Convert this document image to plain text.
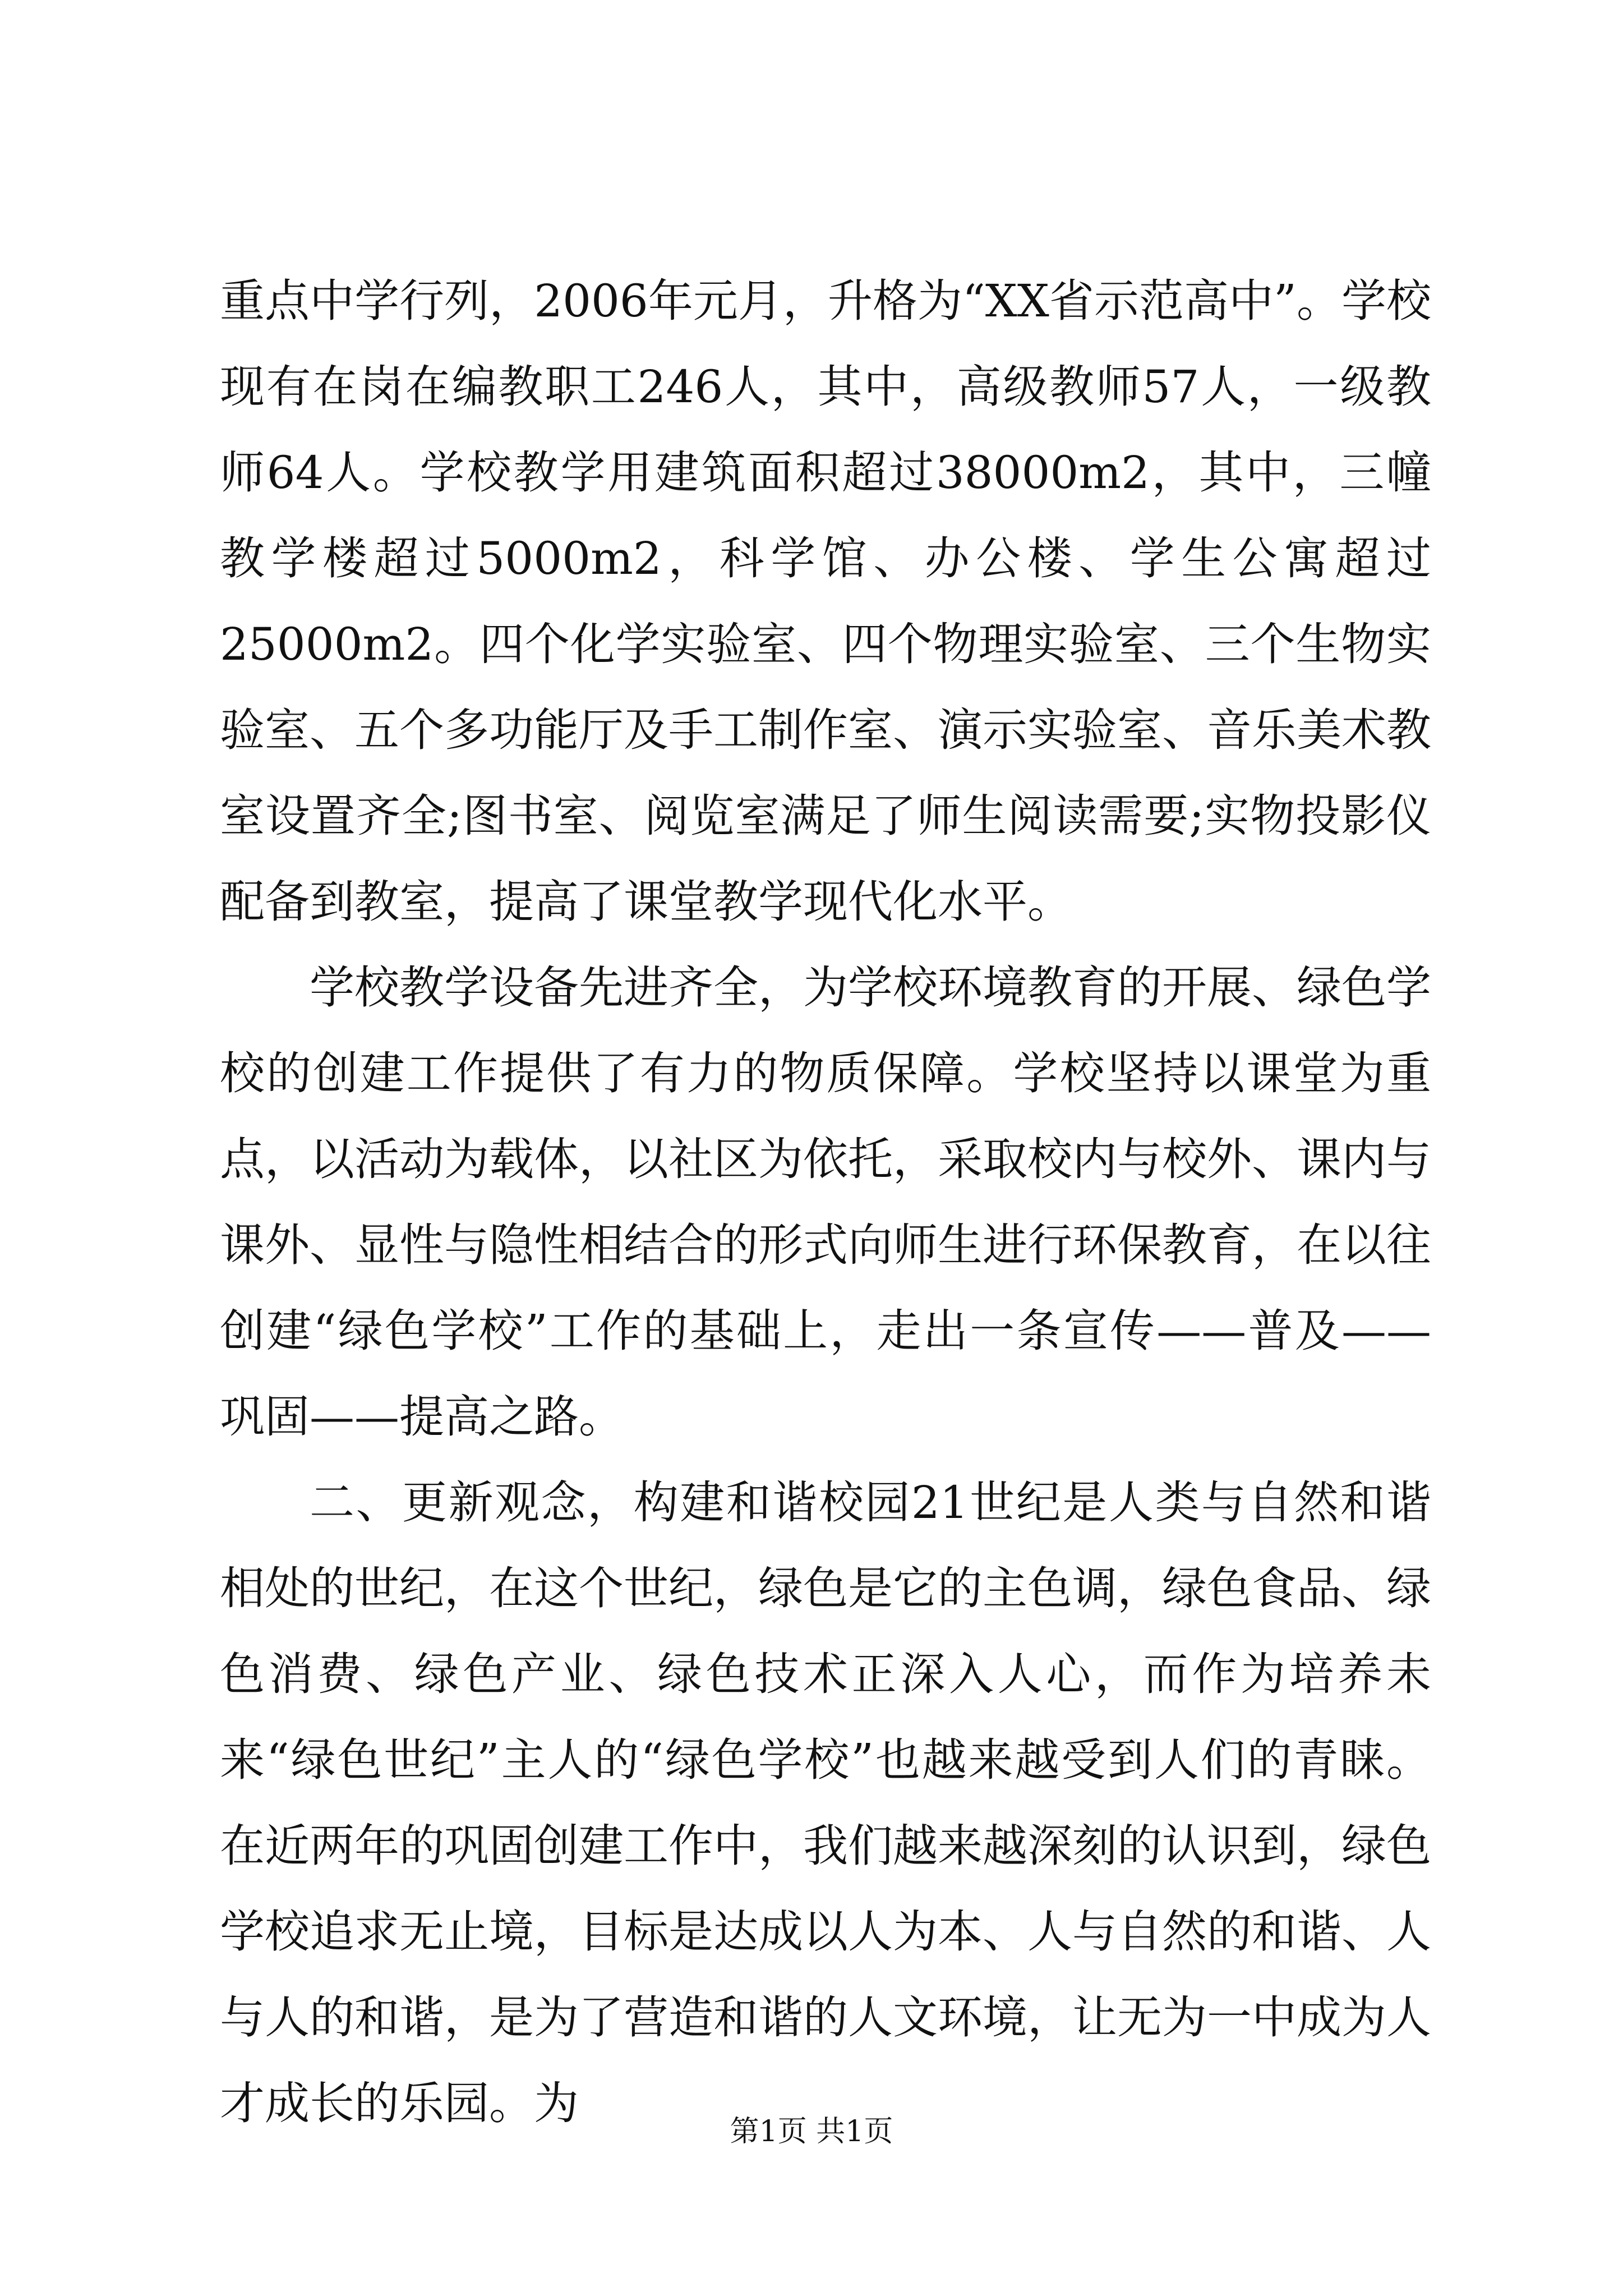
重点中学行列，2006年元月，升格为“XX省示范高中”。学校现有在岗在编教职工246人，其中，高级教师57人，一级教师64人。学校教学用建筑面积超过38000m2，其中，三幢教学楼超过5000m2，科学馆、办公楼、学生公寓超过25000m2。四个化学实验室、四个物理实验室、三个生物实验室、五个多功能厅及手工制作室、演示实验室、音乐美术教室设置齐全;图书室、阅览室满足了师生阅读需要;实物投影仪配备到教室，提高了课堂教学现代化水平。

学校教学设备先进齐全，为学校环境教育的开展、绿色学校的创建工作提供了有力的物质保障。学校坚持以课堂为重点，以活动为载体，以社区为依托，采取校内与校外、课内与课外、显性与隐性相结合的形式向师生进行环保教育，在以往创建“绿色学校”工作的基础上，走出一条宣传——普及——巩固——提高之路。

二、更新观念，构建和谐校园21世纪是人类与自然和谐相处的世纪，在这个世纪，绿色是它的主色调，绿色食品、绿色消费、绿色产业、绿色技术正深入人心，而作为培养未来“绿色世纪”主人的“绿色学校”也越来越受到人们的青睐。在近两年的巩固创建工作中，我们越来越深刻的认识到，绿色学校追求无止境，目标是达成以人为本、人与自然的和谐、人与人的和谐，是为了营造和谐的人文环境，让无为一中成为人才成长的乐园。为

第1页 共1页
